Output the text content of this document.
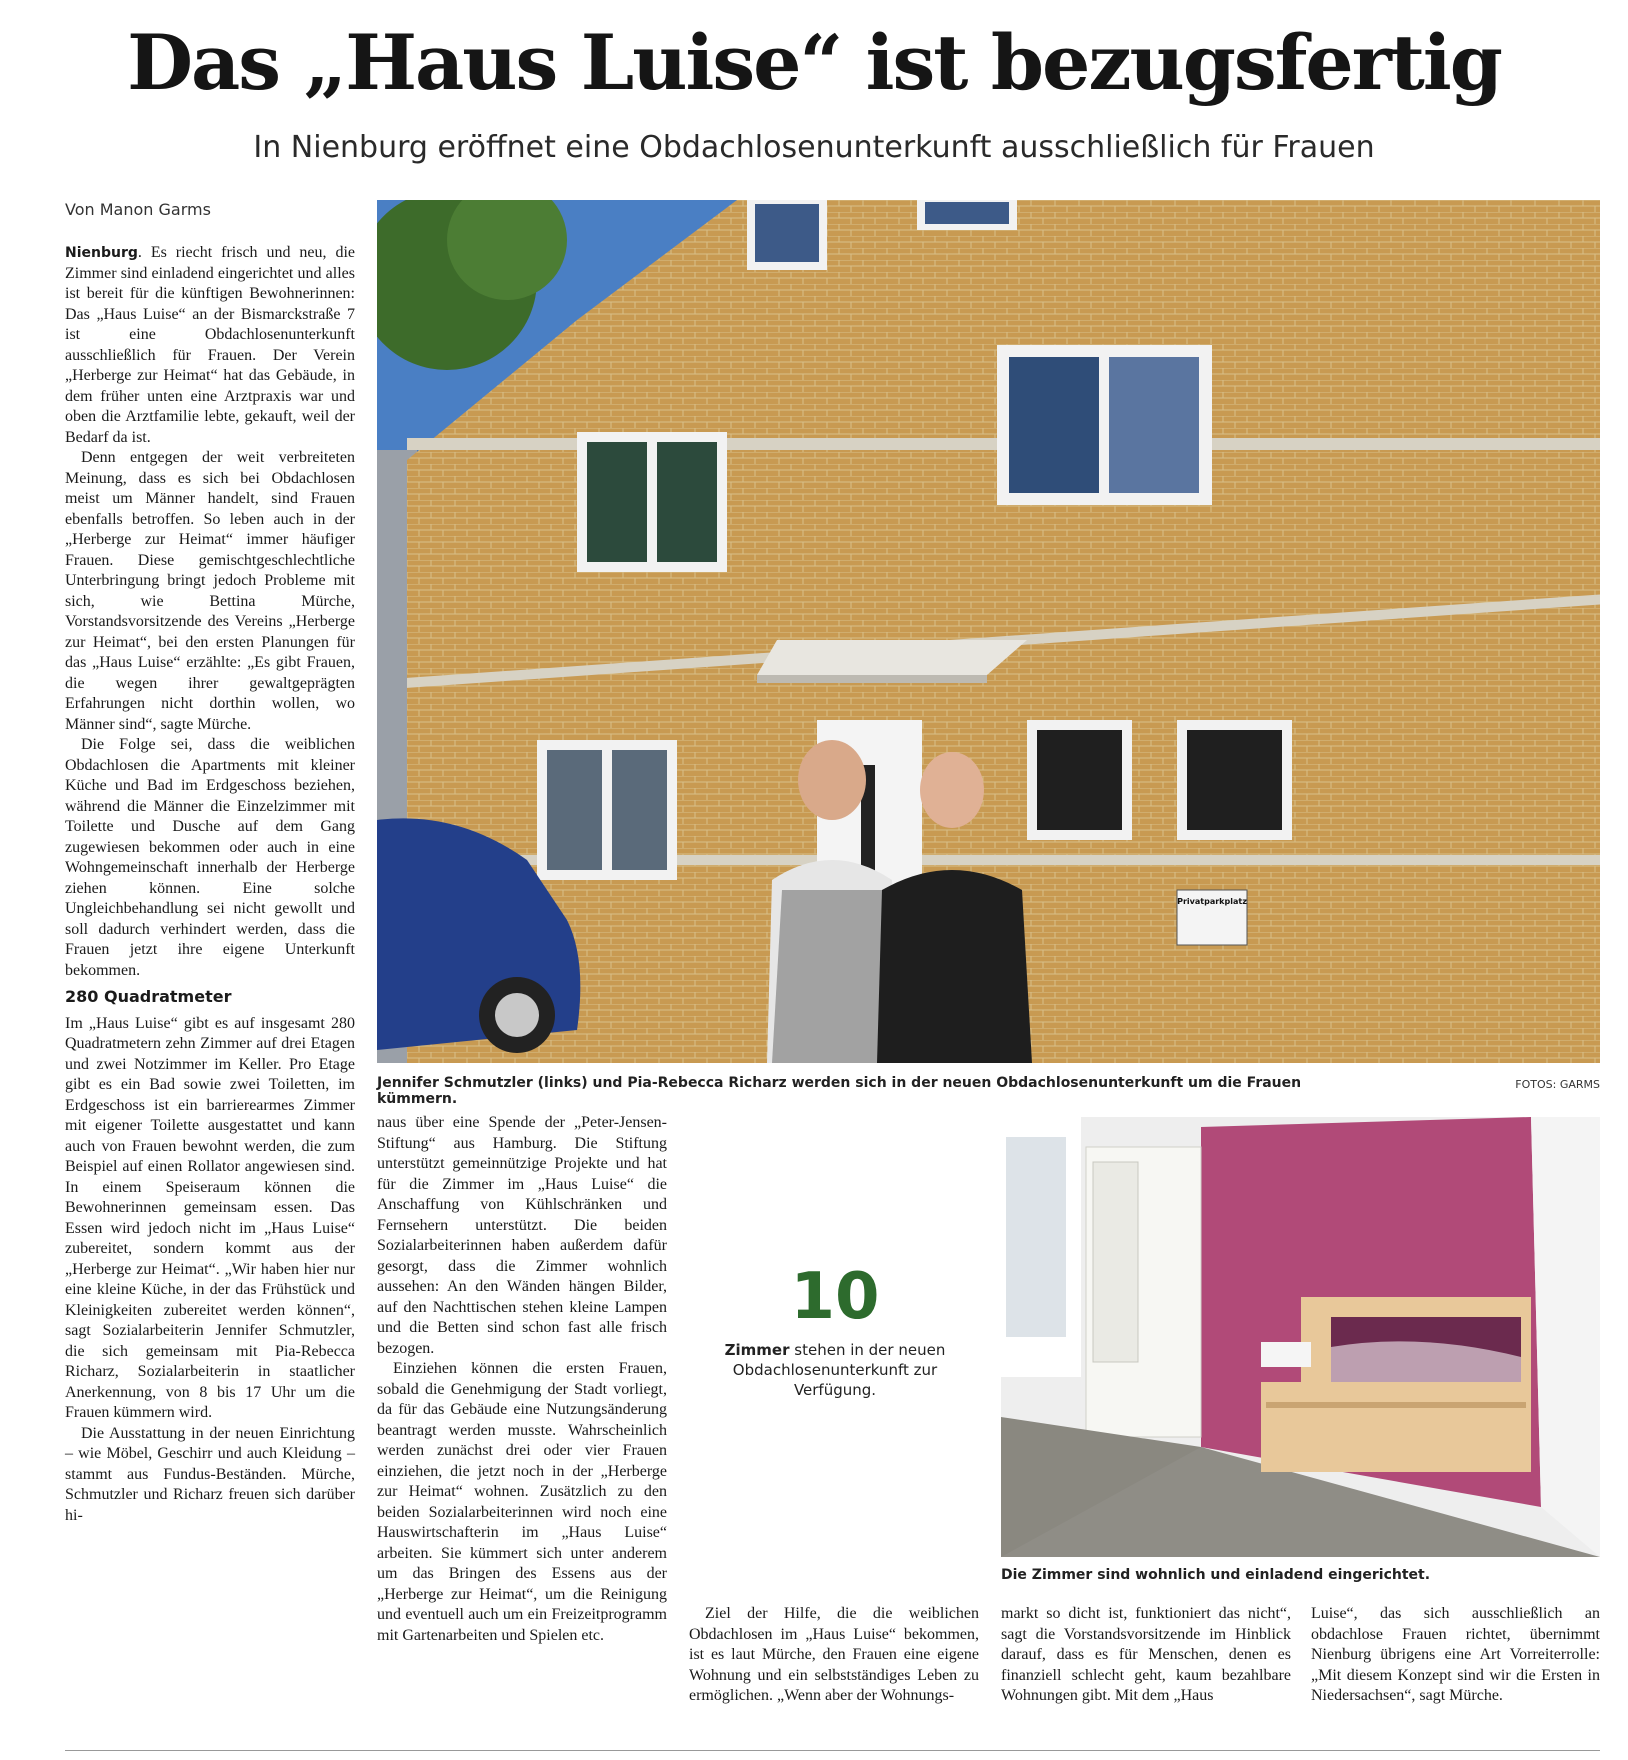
Das „Haus Luise“ ist bezugsfertig
In Nienburg eröffnet eine Obdachlosenunterkunft ausschließlich für Frauen
Von Manon Garms

Nienburg. Es riecht frisch und neu, die Zimmer sind einladend eingerichtet und alles ist bereit für die künftigen Bewohnerinnen: Das „Haus Luise“ an der Bismarckstraße 7 ist eine Obdachlosenunterkunft ausschließlich für Frauen. Der Verein „Herberge zur Heimat“ hat das Gebäude, in dem früher unten eine Arztpraxis war und oben die Arztfamilie lebte, gekauft, weil der Bedarf da ist.

Denn entgegen der weit verbreiteten Meinung, dass es sich bei Obdachlosen meist um Männer handelt, sind Frauen ebenfalls betroffen. So leben auch in der „Herberge zur Heimat“ immer häufiger Frauen. Diese gemischtgeschlechtliche Unterbringung bringt jedoch Probleme mit sich, wie Bettina Mürche, Vorstandsvorsitzende des Vereins „Herberge zur Heimat“, bei den ersten Planungen für das „Haus Luise“ erzählte: „Es gibt Frauen, die wegen ihrer gewaltgeprägten Erfahrungen nicht dorthin wollen, wo Männer sind“, sagte Mürche.

Die Folge sei, dass die weiblichen Obdachlosen die Apartments mit kleiner Küche und Bad im Erdgeschoss beziehen, während die Männer die Einzelzimmer mit Toilette und Dusche auf dem Gang zugewiesen bekommen oder auch in eine Wohngemeinschaft innerhalb der Herberge ziehen können. Eine solche Ungleichbehandlung sei nicht gewollt und soll dadurch verhindert werden, dass die Frauen jetzt ihre eigene Unterkunft bekommen.

280 Quadratmeter

Im „Haus Luise“ gibt es auf insgesamt 280 Quadratmetern zehn Zimmer auf drei Etagen und zwei Notzimmer im Keller. Pro Etage gibt es ein Bad sowie zwei Toiletten, im Erdgeschoss ist ein barrierearmes Zimmer mit eigener Toilette ausgestattet und kann auch von Frauen bewohnt werden, die zum Beispiel auf einen Rollator angewiesen sind. In einem Speiseraum können die Bewohnerinnen gemeinsam essen. Das Essen wird jedoch nicht im „Haus Luise“ zubereitet, sondern kommt aus der „Herberge zur Heimat“. „Wir haben hier nur eine kleine Küche, in der das Frühstück und Kleinigkeiten zubereitet werden können“, sagt Sozialarbeiterin Jennifer Schmutzler, die sich gemeinsam mit Pia-Rebecca Richarz, Sozialarbeiterin in staatlicher Anerkennung, von 8 bis 17 Uhr um die Frauen kümmern wird.

Die Ausstattung in der neuen Einrichtung – wie Möbel, Geschirr und auch Kleidung – stammt aus Fundus-Beständen. Mürche, Schmutzler und Richarz freuen sich darüber hi-

Privatparkplatz
Jennifer Schmutzler (links) und Pia-Rebecca Richarz werden sich in der neuen Obdachlosenunterkunft um die Frauen kümmern.
FOTOS: GARMS

naus über eine Spende der „Peter-Jensen-Stiftung“ aus Hamburg. Die Stiftung unterstützt gemeinnützige Projekte und hat für die Zimmer im „Haus Luise“ die Anschaffung von Kühlschränken und Fernsehern unterstützt. Die beiden Sozialarbeiterinnen haben außerdem dafür gesorgt, dass die Zimmer wohnlich aussehen: An den Wänden hängen Bilder, auf den Nachttischen stehen kleine Lampen und die Betten sind schon fast alle frisch bezogen.

Einziehen können die ersten Frauen, sobald die Genehmigung der Stadt vorliegt, da für das Gebäude eine Nutzungsänderung beantragt werden musste. Wahrscheinlich werden zunächst drei oder vier Frauen einziehen, die jetzt noch in der „Herberge zur Heimat“ wohnen. Zusätzlich zu den beiden Sozialarbeiterinnen wird noch eine Hauswirtschafterin im „Haus Luise“ arbeiten. Sie kümmert sich unter anderem um das Bringen des Essens aus der „Herberge zur Heimat“, um die Reinigung und eventuell auch um ein Freizeitprogramm mit Gartenarbeiten und Spielen etc.

10
Zimmer stehen in der neuen Obdachlosenunterkunft zur Verfügung.
Die Zimmer sind wohnlich und einladend eingerichtet.

Ziel der Hilfe, die die weiblichen Obdachlosen im „Haus Luise“ bekommen, ist es laut Mürche, den Frauen eine eigene Wohnung und ein selbstständiges Leben zu ermöglichen. „Wenn aber der Wohnungs-

markt so dicht ist, funktioniert das nicht“, sagt die Vorstandsvorsitzende im Hinblick darauf, dass es für Menschen, denen es finanziell schlecht geht, kaum bezahlbare Wohnungen gibt. Mit dem „Haus

Luise“, das sich ausschließlich an obdachlose Frauen richtet, übernimmt Nienburg übrigens eine Art Vorreiterrolle: „Mit diesem Konzept sind wir die Ersten in Niedersachsen“, sagt Mürche.
